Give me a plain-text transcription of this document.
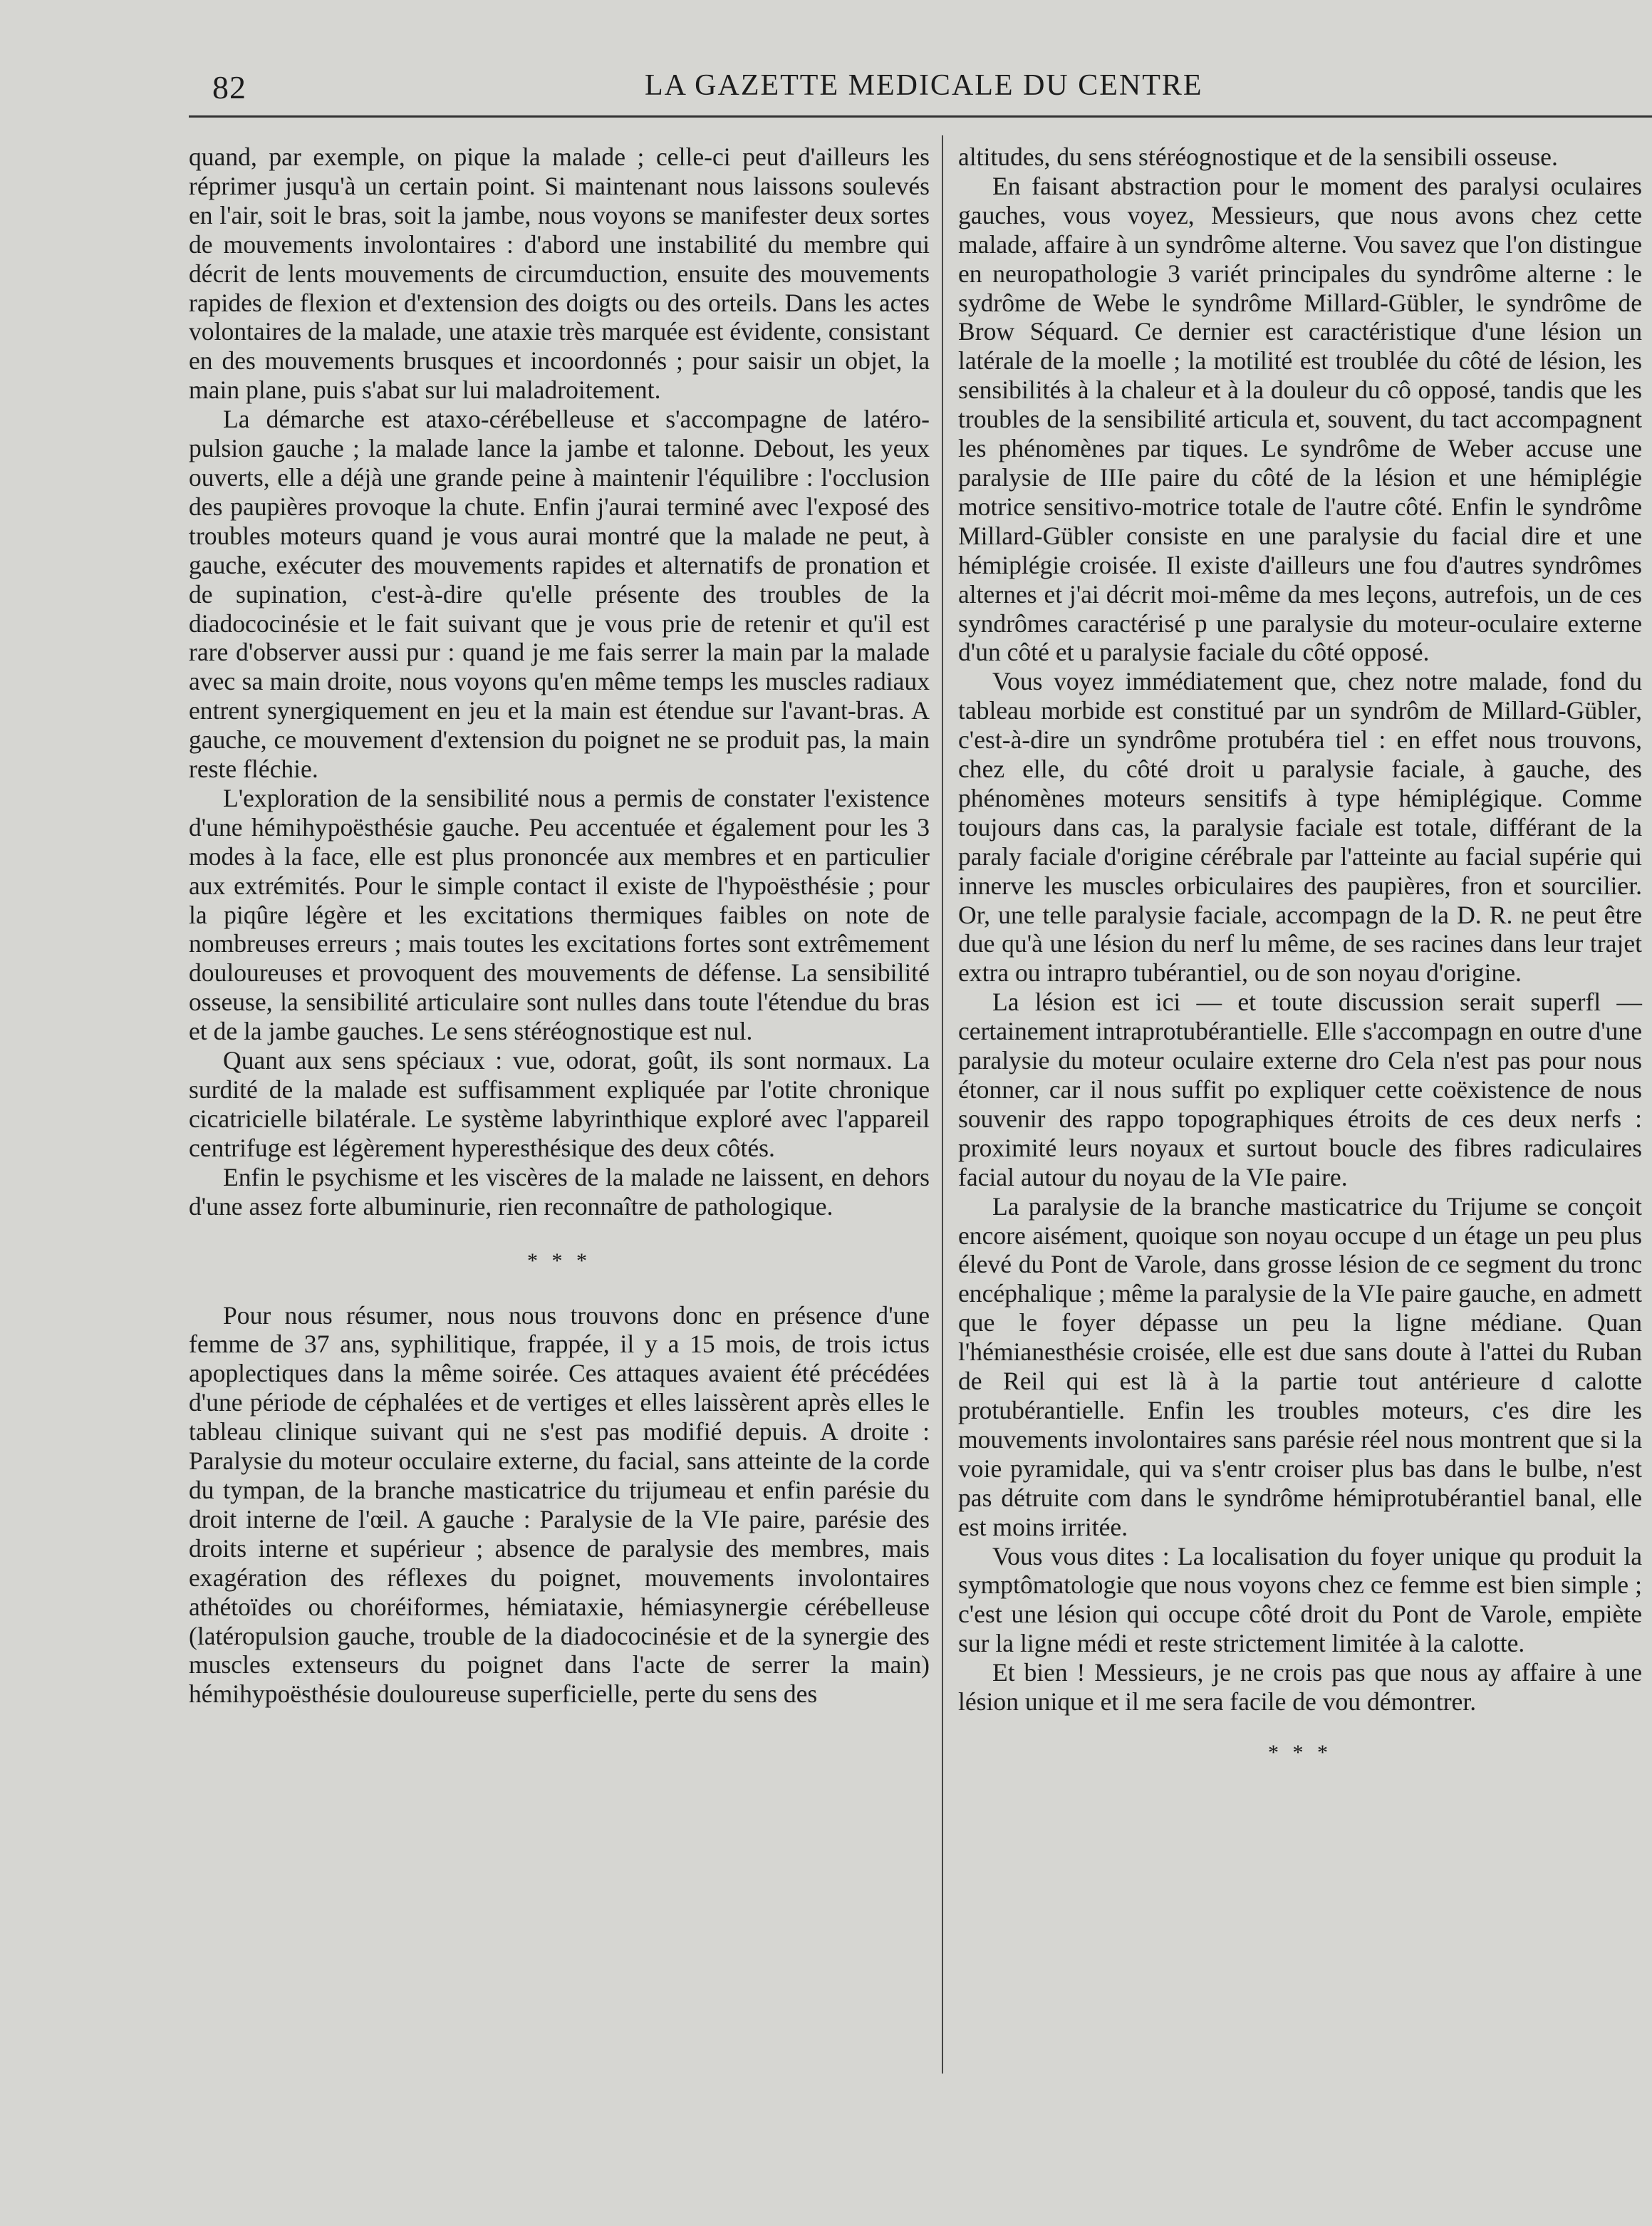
82	LA GAZETTE MEDICALE DU CENTRE

quand, par exemple, on pique la malade ; celle-ci peut d'ailleurs les réprimer jusqu'à un certain point. Si maintenant nous laissons soulevés en l'air, soit le bras, soit la jambe, nous voyons se manifester deux sortes de mouvements involontaires : d'abord une instabilité du membre qui décrit de lents mouvements de circumduction, ensuite des mouvements rapides de flexion et d'extension des doigts ou des orteils. Dans les actes volontaires de la malade, une ataxie très marquée est évidente, consistant en des mouvements brusques et incoordonnés ; pour saisir un objet, la main plane, puis s'abat sur lui maladroitement.

La démarche est ataxo-cérébelleuse et s'accompagne de latéro-pulsion gauche ; la malade lance la jambe et talonne. Debout, les yeux ouverts, elle a déjà une grande peine à maintenir l'équilibre : l'occlusion des paupières provoque la chute. Enfin j'aurai terminé avec l'exposé des troubles moteurs quand je vous aurai montré que la malade ne peut, à gauche, exécuter des mouvements rapides et alternatifs de pronation et de supination, c'est-à-dire qu'elle présente des troubles de la diadococinésie et le fait suivant que je vous prie de retenir et qu'il est rare d'observer aussi pur : quand je me fais serrer la main par la malade avec sa main droite, nous voyons qu'en même temps les muscles radiaux entrent synergiquement en jeu et la main est étendue sur l'avant-bras. A gauche, ce mouvement d'extension du poignet ne se produit pas, la main reste fléchie.

L'exploration de la sensibilité nous a permis de constater l'existence d'une hémihypoësthésie gauche. Peu accentuée et également pour les 3 modes à la face, elle est plus prononcée aux membres et en particulier aux extrémités. Pour le simple contact il existe de l'hypoësthésie ; pour la piqûre légère et les excitations thermiques faibles on note de nombreuses erreurs ; mais toutes les excitations fortes sont extrêmement douloureuses et provoquent des mouvements de défense. La sensibilité osseuse, la sensibilité articulaire sont nulles dans toute l'étendue du bras et de la jambe gauches. Le sens stéréognostique est nul.

Quant aux sens spéciaux : vue, odorat, goût, ils sont normaux. La surdité de la malade est suffisamment expliquée par l'otite chronique cicatricielle bilatérale. Le système labyrinthique exploré avec l'appareil centrifuge est légèrement hyperesthésique des deux côtés.

Enfin le psychisme et les viscères de la malade ne laissent, en dehors d'une assez forte albuminurie, rien reconnaître de pathologique.

* * *

Pour nous résumer, nous nous trouvons donc en présence d'une femme de 37 ans, syphilitique, frappée, il y a 15 mois, de trois ictus apoplectiques dans la même soirée. Ces attaques avaient été précédées d'une période de céphalées et de vertiges et elles laissèrent après elles le tableau clinique suivant qui ne s'est pas modifié depuis. A droite : Paralysie du moteur occulaire externe, du facial, sans atteinte de la corde du tympan, de la branche masticatrice du trijumeau et enfin parésie du droit interne de l'œil. A gauche : Paralysie de la VIe paire, parésie des droits interne et supérieur ; absence de paralysie des membres, mais exagération des réflexes du poignet, mouvements involontaires athétoïdes ou choréiformes, hémiataxie, hémiasynergie cérébelleuse (latéropulsion gauche, trouble de la diadococinésie et de la synergie des muscles extenseurs du poignet dans l'acte de serrer la main) hémihypoësthésie douloureuse superficielle, perte du sens des

altitudes, du sens stéréognostique et de la sensibili osseuse.

En faisant abstraction pour le moment des paralysi oculaires gauches, vous voyez, Messieurs, que nous avons chez cette malade, affaire à un syndrôme alterne. Vou savez que l'on distingue en neuropathologie 3 variét principales du syndrôme alterne : le sydrôme de Webe le syndrôme Millard-Gübler, le syndrôme de Brow Séquard. Ce dernier est caractéristique d'une lésion un latérale de la moelle ; la motilité est troublée du côté de lésion, les sensibilités à la chaleur et à la douleur du cô opposé, tandis que les troubles de la sensibilité articula et, souvent, du tact accompagnent les phénomènes par tiques. Le syndrôme de Weber accuse une paralysie de IIIe paire du côté de la lésion et une hémiplégie motrice sensitivo-motrice totale de l'autre côté. Enfin le syndrôme Millard-Gübler consiste en une paralysie du facial dire et une hémiplégie croisée. Il existe d'ailleurs une fou d'autres syndrômes alternes et j'ai décrit moi-même da mes leçons, autrefois, un de ces syndrômes caractérisé p une paralysie du moteur-oculaire externe d'un côté et u paralysie faciale du côté opposé.

Vous voyez immédiatement que, chez notre malade, fond du tableau morbide est constitué par un syndrôm de Millard-Gübler, c'est-à-dire un syndrôme protubéra tiel : en effet nous trouvons, chez elle, du côté droit u paralysie faciale, à gauche, des phénomènes moteurs sensitifs à type hémiplégique. Comme toujours dans cas, la paralysie faciale est totale, différant de la paraly faciale d'origine cérébrale par l'atteinte au facial supérie qui innerve les muscles orbiculaires des paupières, fron et sourcilier. Or, une telle paralysie faciale, accompagn de la D. R. ne peut être due qu'à une lésion du nerf lu même, de ses racines dans leur trajet extra ou intrapro tubérantiel, ou de son noyau d'origine.

La lésion est ici — et toute discussion serait superfl — certainement intraprotubérantielle. Elle s'accompagn en outre d'une paralysie du moteur oculaire externe dro Cela n'est pas pour nous étonner, car il nous suffit po expliquer cette coëxistence de nous souvenir des rappo topographiques étroits de ces deux nerfs : proximité leurs noyaux et surtout boucle des fibres radiculaires facial autour du noyau de la VIe paire.

La paralysie de la branche masticatrice du Trijume se conçoit encore aisément, quoique son noyau occupe d un étage un peu plus élevé du Pont de Varole, dans grosse lésion de ce segment du tronc encéphalique ; même la paralysie de la VIe paire gauche, en admett que le foyer dépasse un peu la ligne médiane. Quan l'hémianesthésie croisée, elle est due sans doute à l'attei du Ruban de Reil qui est là à la partie tout antérieure d calotte protubérantielle. Enfin les troubles moteurs, c'es dire les mouvements involontaires sans parésie réel nous montrent que si la voie pyramidale, qui va s'entr croiser plus bas dans le bulbe, n'est pas détruite com dans le syndrôme hémiprotubérantiel banal, elle est moins irritée.

Vous vous dites : La localisation du foyer unique qu produit la symptômatologie que nous voyons chez ce femme est bien simple ; c'est une lésion qui occupe côté droit du Pont de Varole, empiète sur la ligne médi et reste strictement limitée à la calotte.

Et bien ! Messieurs, je ne crois pas que nous ay affaire à une lésion unique et il me sera facile de vou démontrer.

* * *
